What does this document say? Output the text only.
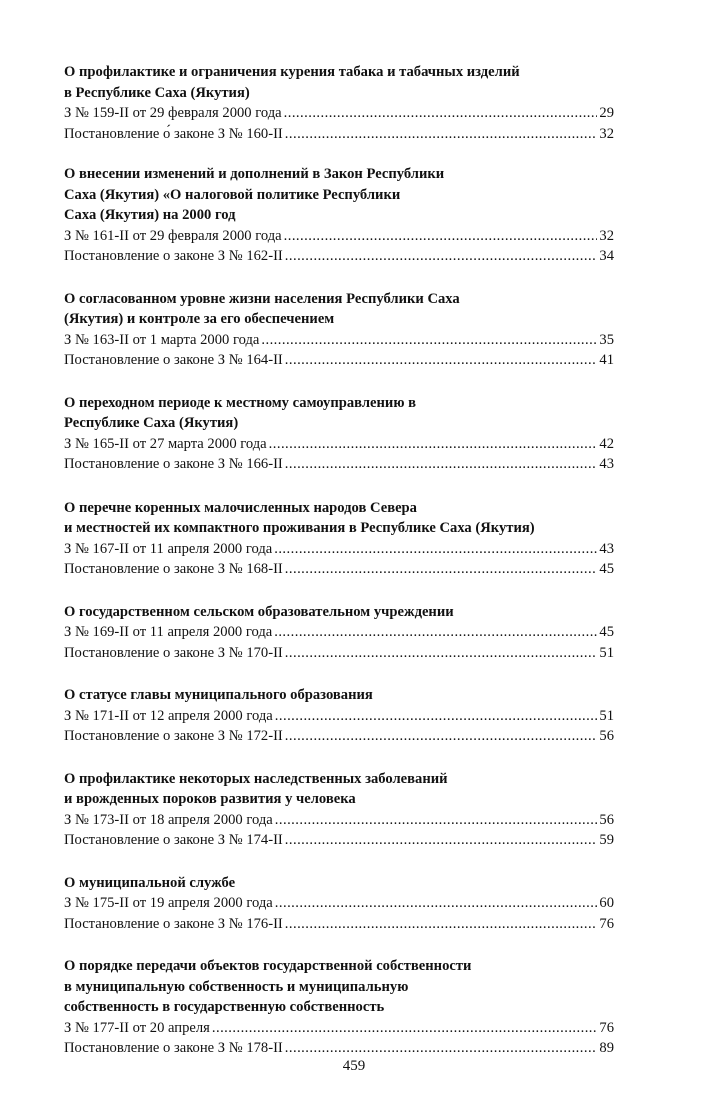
О профилактике и ограничения курения табака и табачных изделий
в Республике Саха (Якутия)
З № 159-II от 29 февраля 2000 года . . .	29
Постановление о́ законе З № 160-II . . .	32
О внесении изменений и дополнений в Закон Республики
Саха (Якутия) «О налоговой политике Республики
Саха (Якутия) на 2000 год
З № 161-II от 29 февраля 2000 года . . .	32
Постановление о законе З № 162-II . . .	34
О согласованном уровне жизни населения Республики Саха
(Якутия) и контроле за его обеспечением
З № 163-II от 1 марта 2000 года . . .	35
Постановление о законе З № 164-II . . .	41
О переходном периоде к местному самоуправлению в
Республике Саха (Якутия)
З № 165-II от 27 марта 2000 года . . .	42
Постановление о законе З № 166-II . . .	43
О перечне коренных малочисленных народов Севера
и местностей их компактного проживания в Республике Саха (Якутия)
З № 167-II от 11 апреля 2000 года . . .	43
Постановление о законе З № 168-II . . .	45
О государственном сельском образовательном учреждении
З № 169-II от 11 апреля 2000 года . . .	45
Постановление о законе З № 170-II . . .	51
О статусе главы муниципального образования
З № 171-II от 12 апреля 2000 года . . .	51
Постановление о законе З № 172-II . . .	56
О профилактике некоторых наследственных заболеваний
и врожденных пороков развития у человека
З № 173-II от 18 апреля 2000 года . . .	56
Постановление о законе З № 174-II . . .	59
О муниципальной службе
З № 175-II от 19 апреля 2000 года . . .	60
Постановление о законе З № 176-II . . .	76
О порядке передачи объектов государственной собственности
в муниципальную собственность и муниципальную
собственность в государственную собственность
З № 177-II от 20 апреля . . .	76
Постановление о законе З № 178-II . . .	89
459
